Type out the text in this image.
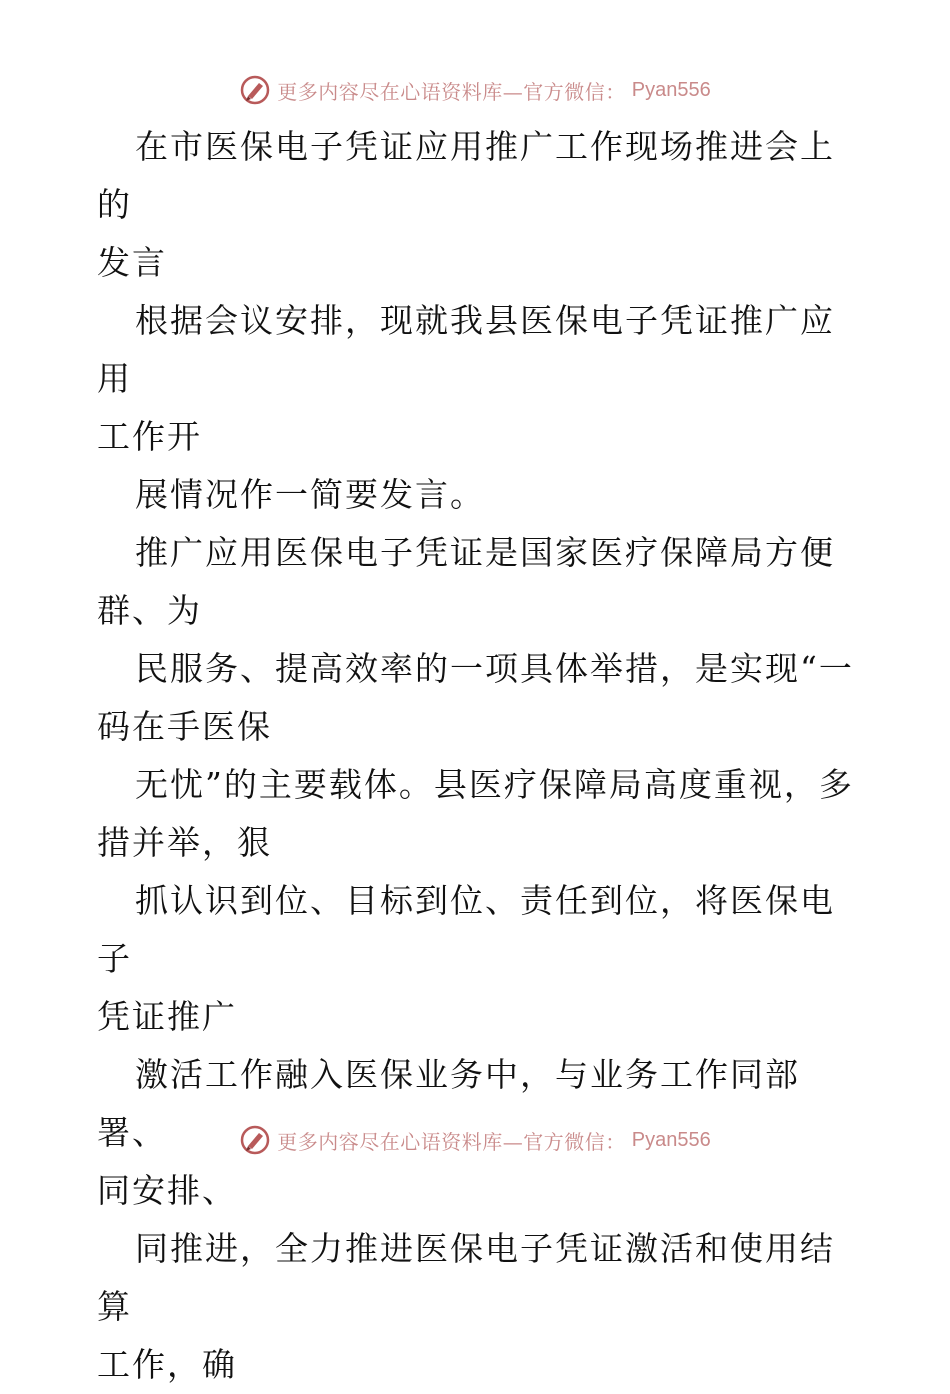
更多内容尽在心语资料库—官方微信： Pyan556

在市医保电子凭证应用推广工作现场推进会上的
发言

根据会议安排，现就我县医保电子凭证推广应用
工作开

展情况作一简要发言。

推广应用医保电子凭证是国家医疗保障局方便
群、为

民服务、提高效率的一项具体举措，是实现“一
码在手医保

无忧”的主要载体。县医疗保障局高度重视，多
措并举，狠

抓认识到位、目标到位、责任到位，将医保电子
凭证推广

激活工作融入医保业务中，与业务工作同部署、
同安排、

同推进，全力推进医保电子凭证激活和使用结算
工作，确

更多内容尽在心语资料库—官方微信： Pyan556
